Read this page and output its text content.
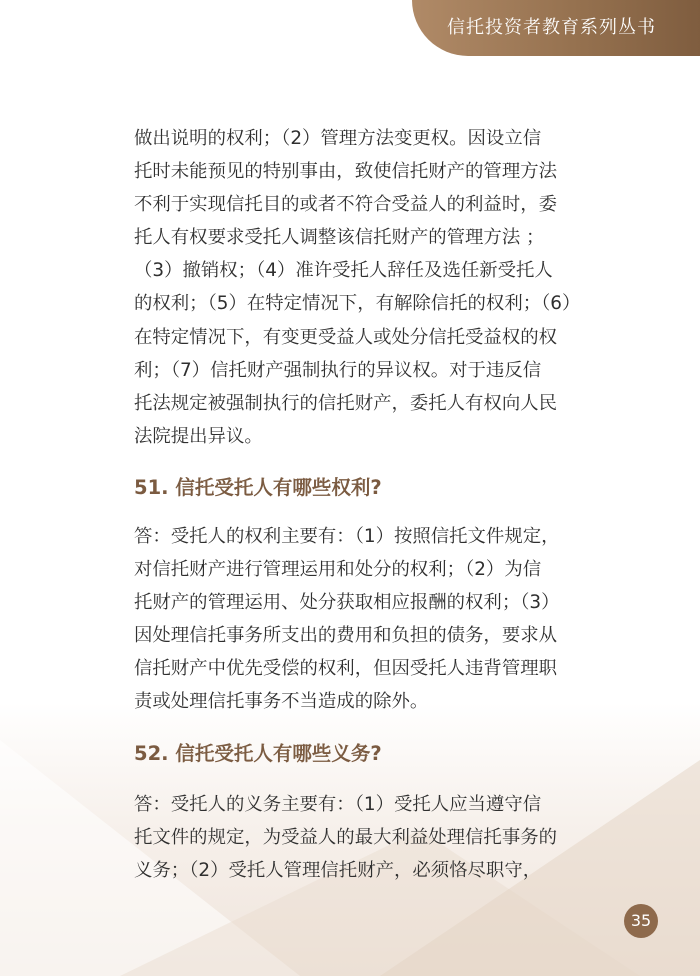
信托投资者教育系列丛书

做出说明的权利；（2）管理方法变更权。因设立信
托时未能预见的特别事由，致使信托财产的管理方法
不利于实现信托目的或者不符合受益人的利益时，委
托人有权要求受托人调整该信托财产的管理方法 ；
（3）撤销权；（4）准许受托人辞任及选任新受托人
的权利；（5）在特定情况下，有解除信托的权利；（6）
在特定情况下，有变更受益人或处分信托受益权的权
利；（7）信托财产强制执行的异议权。对于违反信
托法规定被强制执行的信托财产，委托人有权向人民
法院提出异议。

51. 信托受托人有哪些权利?

答：受托人的权利主要有：（1）按照信托文件规定，
对信托财产进行管理运用和处分的权利；（2）为信
托财产的管理运用、处分获取相应报酬的权利；（3）
因处理信托事务所支出的费用和负担的债务，要求从
信托财产中优先受偿的权利，但因受托人违背管理职
责或处理信托事务不当造成的除外。

52. 信托受托人有哪些义务?

答：受托人的义务主要有：（1）受托人应当遵守信
托文件的规定，为受益人的最大利益处理信托事务的
义务；（2）受托人管理信托财产，必须恪尽职守，

35
